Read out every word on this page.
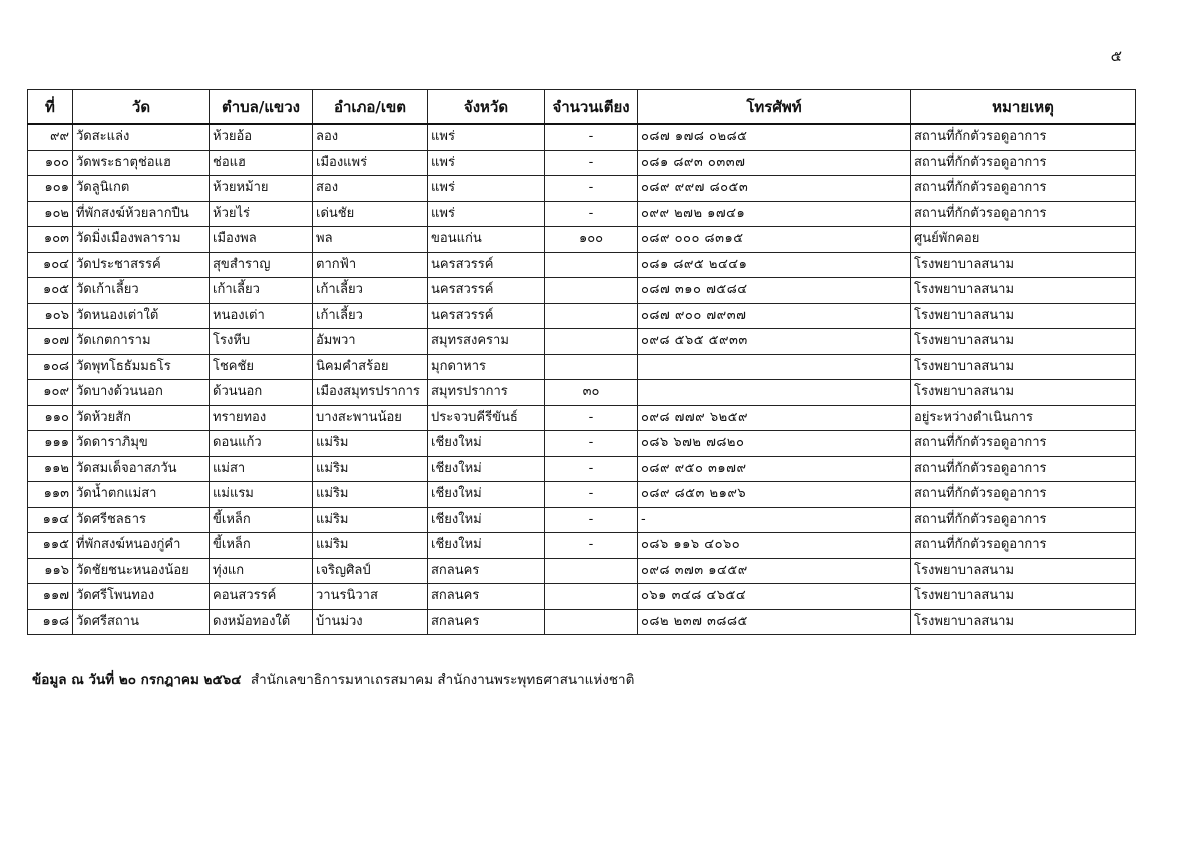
๕
ที่	วัด	ตำบล/แขวง	อำเภอ/เขต	จังหวัด	จำนวนเตียง	โทรศัพท์	หมายเหตุ
๙๙	วัดสะแล่ง	ห้วยอ้อ	ลอง	แพร่	-	๐๘๗ ๑๗๘ ๐๒๘๕	สถานที่กักตัวรอดูอาการ
๑๐๐	วัดพระธาตุช่อแฮ	ช่อแฮ	เมืองแพร่	แพร่	-	๐๘๑ ๘๙๓ ๐๓๓๗	สถานที่กักตัวรอดูอาการ
๑๐๑	วัดลูนิเกต	ห้วยหม้าย	สอง	แพร่	-	๐๘๙ ๙๙๗ ๘๐๕๓	สถานที่กักตัวรอดูอาการ
๑๐๒	ที่พักสงฆ์ห้วยลากปืน	ห้วยไร่	เด่นชัย	แพร่	-	๐๙๙ ๒๗๒ ๑๗๔๑	สถานที่กักตัวรอดูอาการ
๑๐๓	วัดมิ่งเมืองพลาราม	เมืองพล	พล	ขอนแก่น	๑๐๐	๐๘๙ ๐๐๐ ๘๓๑๕	ศูนย์พักคอย
๑๐๔	วัดประชาสรรค์	สุขสำราญ	ตากฟ้า	นครสวรรค์		๐๘๑ ๘๙๕ ๒๔๔๑	โรงพยาบาลสนาม
๑๐๕	วัดเก้าเลี้ยว	เก้าเลี้ยว	เก้าเลี้ยว	นครสวรรค์		๐๘๗ ๓๑๐ ๗๕๘๔	โรงพยาบาลสนาม
๑๐๖	วัดหนองเต่าใต้	หนองเต่า	เก้าเลี้ยว	นครสวรรค์		๐๘๗ ๙๐๐ ๗๙๓๗	โรงพยาบาลสนาม
๑๐๗	วัดเกตการาม	โรงหีบ	อัมพวา	สมุทรสงคราม		๐๙๘ ๕๖๕ ๕๙๓๓	โรงพยาบาลสนาม
๑๐๘	วัดพุทโธธัมมธโร	โชคชัย	นิคมคำสร้อย	มุกดาหาร			โรงพยาบาลสนาม
๑๐๙	วัดบางด้วนนอก	ด้วนนอก	เมืองสมุทรปราการ	สมุทรปราการ	๓๐		โรงพยาบาลสนาม
๑๑๐	วัดห้วยสัก	ทรายทอง	บางสะพานน้อย	ประจวบคีรีขันธ์	-	๐๙๘ ๗๗๙ ๖๒๕๙	อยู่ระหว่างดำเนินการ
๑๑๑	วัดดาราภิมุข	ดอนแก้ว	แม่ริม	เชียงใหม่	-	๐๘๖ ๖๗๒ ๗๘๒๐	สถานที่กักตัวรอดูอาการ
๑๑๒	วัดสมเด็จอาสภวัน	แม่สา	แม่ริม	เชียงใหม่	-	๐๘๙ ๙๕๐ ๓๑๗๙	สถานที่กักตัวรอดูอาการ
๑๑๓	วัดน้ำตกแม่สา	แม่แรม	แม่ริม	เชียงใหม่	-	๐๘๙ ๘๕๓ ๒๑๙๖	สถานที่กักตัวรอดูอาการ
๑๑๔	วัดศรีชลธาร	ขี้เหล็ก	แม่ริม	เชียงใหม่	-	-	สถานที่กักตัวรอดูอาการ
๑๑๕	ที่พักสงฆ์หนองกู่คำ	ขี้เหล็ก	แม่ริม	เชียงใหม่	-	๐๘๖ ๑๑๖ ๔๐๖๐	สถานที่กักตัวรอดูอาการ
๑๑๖	วัดชัยชนะหนองน้อย	ทุ่งแก	เจริญศิลป์	สกลนคร		๐๙๘ ๓๗๓ ๑๔๕๙	โรงพยาบาลสนาม
๑๑๗	วัดศรีโพนทอง	คอนสวรรค์	วานรนิวาส	สกลนคร		๐๖๑ ๓๔๘ ๔๖๕๔	โรงพยาบาลสนาม
๑๑๘	วัดศรีสถาน	ดงหม้อทองใต้	บ้านม่วง	สกลนคร		๐๘๒ ๒๓๗ ๓๘๘๕	โรงพยาบาลสนาม
ข้อมูล ณ วันที่ ๒๐ กรกฎาคม ๒๕๖๔ สำนักเลขาธิการมหาเถรสมาคม สำนักงานพระพุทธศาสนาแห่งชาติ
